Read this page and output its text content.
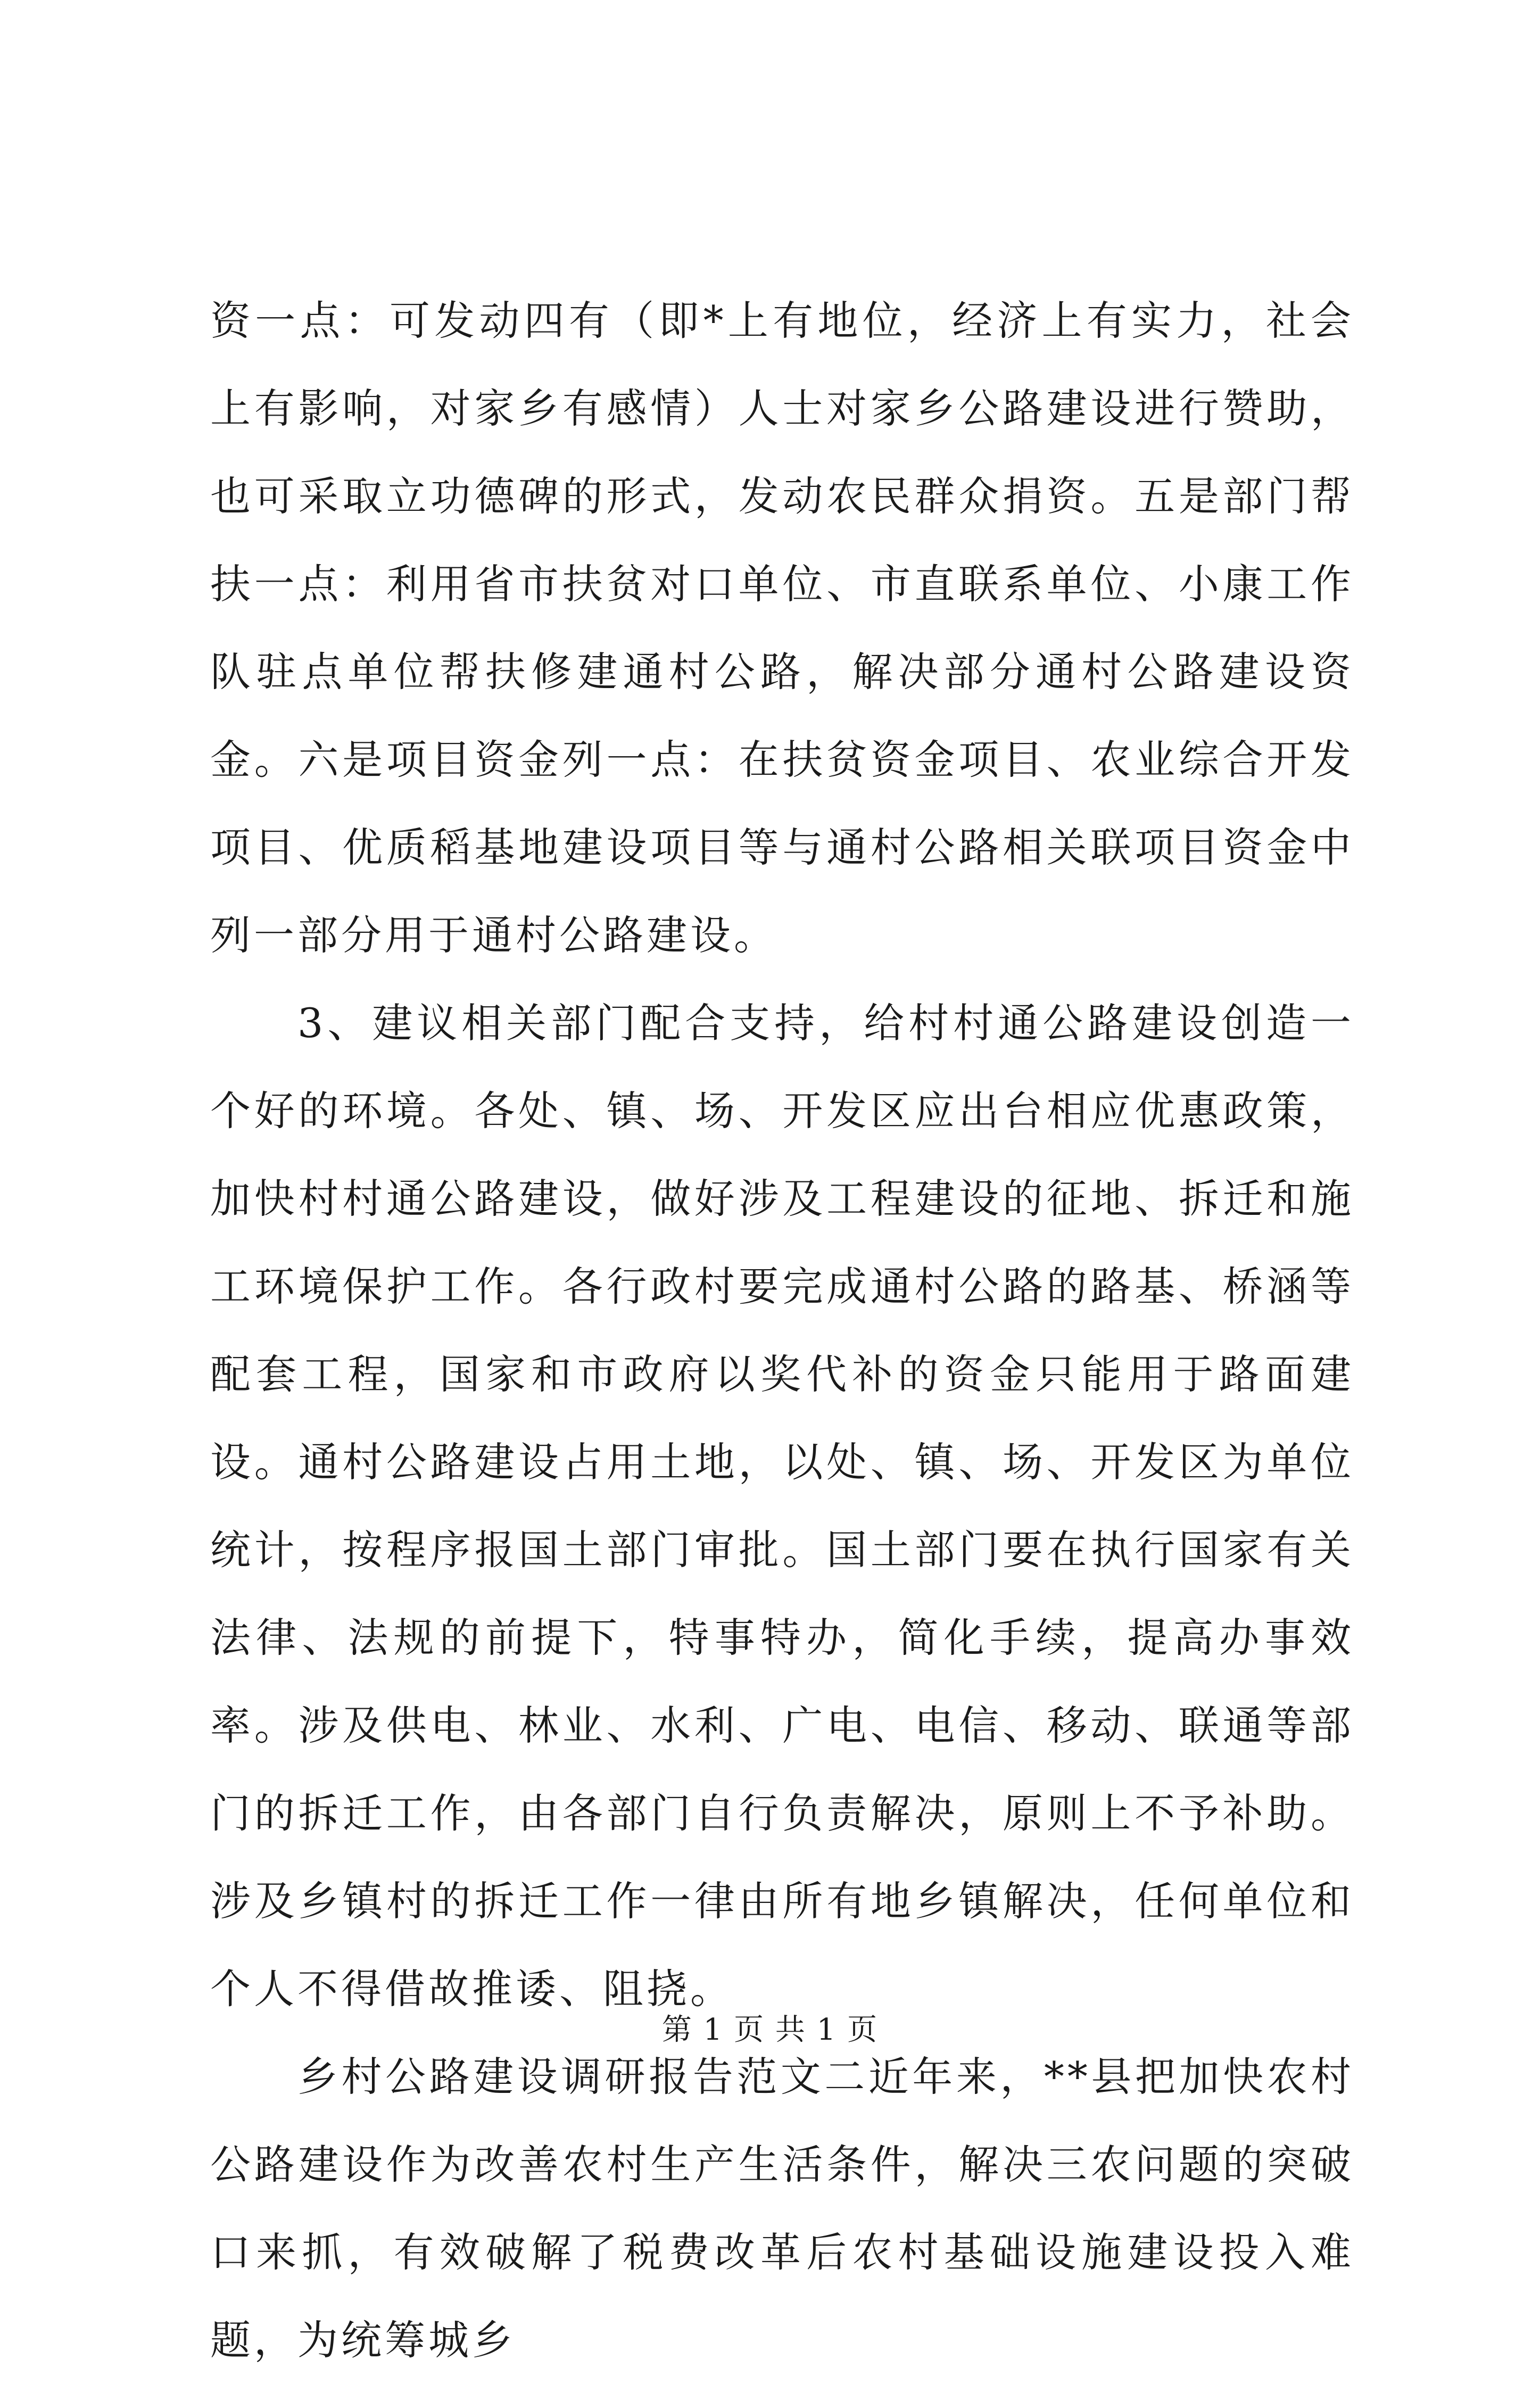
资一点：可发动四有（即*上有地位，经济上有实力，社会上有影响，对家乡有感情）人士对家乡公路建设进行赞助，也可采取立功德碑的形式，发动农民群众捐资。五是部门帮扶一点：利用省市扶贫对口单位、市直联系单位、小康工作队驻点单位帮扶修建通村公路，解决部分通村公路建设资金。六是项目资金列一点：在扶贫资金项目、农业综合开发项目、优质稻基地建设项目等与通村公路相关联项目资金中列一部分用于通村公路建设。

3、建议相关部门配合支持，给村村通公路建设创造一个好的环境。各处、镇、场、开发区应出台相应优惠政策，加快村村通公路建设，做好涉及工程建设的征地、拆迁和施工环境保护工作。各行政村要完成通村公路的路基、桥涵等配套工程，国家和市政府以奖代补的资金只能用于路面建设。通村公路建设占用土地，以处、镇、场、开发区为单位统计，按程序报国土部门审批。国土部门要在执行国家有关法律、法规的前提下，特事特办，简化手续，提高办事效率。涉及供电、林业、水利、广电、电信、移动、联通等部门的拆迁工作，由各部门自行负责解决，原则上不予补助。涉及乡镇村的拆迁工作一律由所有地乡镇解决，任何单位和个人不得借故推诿、阻挠。

乡村公路建设调研报告范文二近年来，**县把加快农村公路建设作为改善农村生产生活条件，解决三农问题的突破口来抓，有效破解了税费改革后农村基础设施建设投入难题，为统筹城乡

第 1 页 共 1 页
